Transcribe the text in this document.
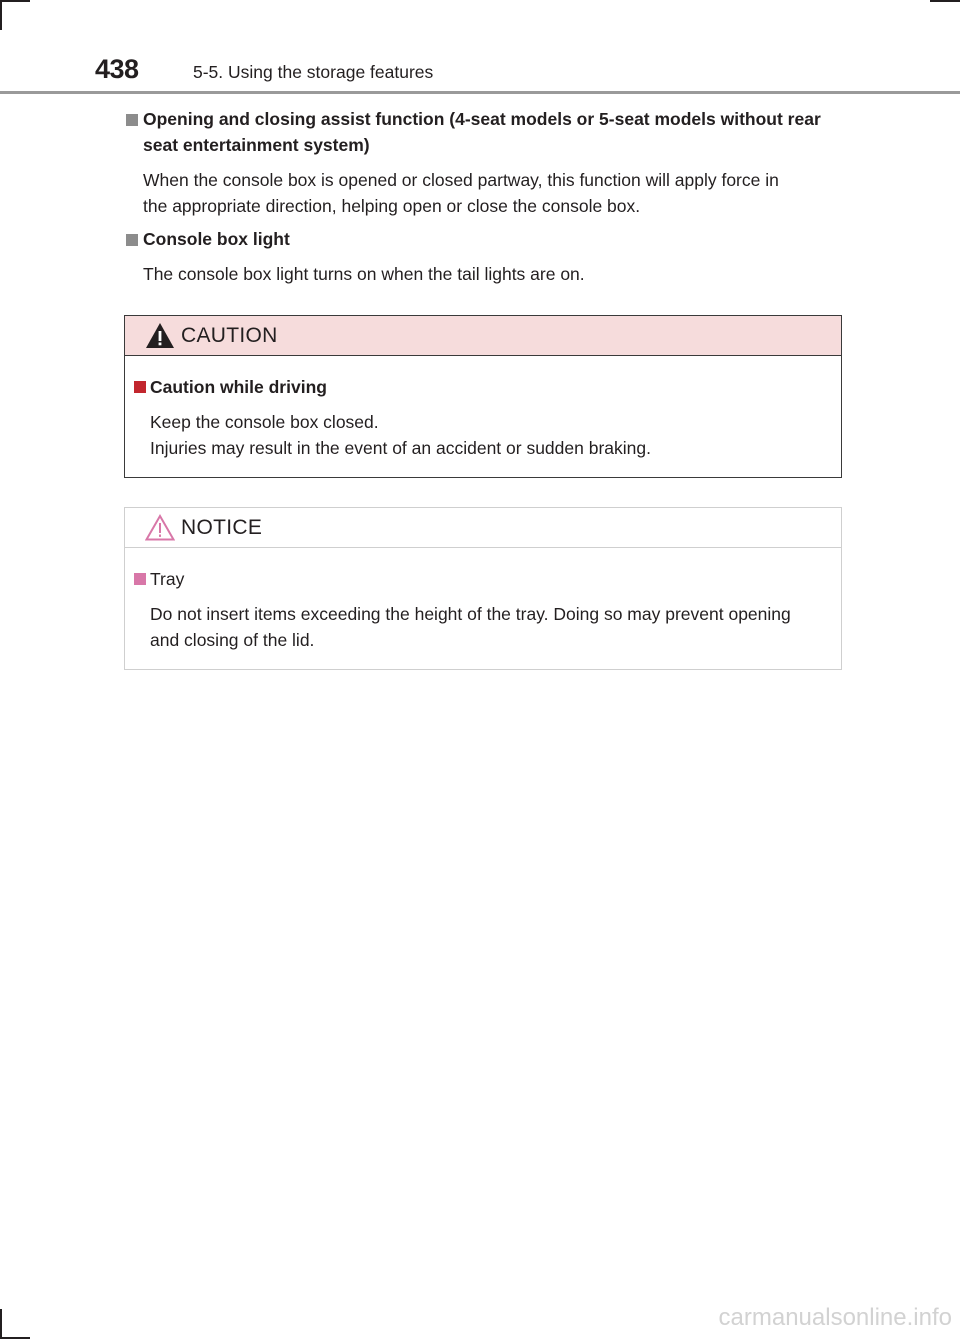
438	5-5. Using the storage features
Opening and closing assist function (4-seat models or 5-seat models without rear
seat entertainment system)
When the console box is opened or closed partway, this function will apply force in
the appropriate direction, helping open or close the console box.
Console box light
The console box light turns on when the tail lights are on.
CAUTION
Caution while driving
Keep the console box closed.
Injuries may result in the event of an accident or sudden braking.
NOTICE
Tray
Do not insert items exceeding the height of the tray. Doing so may prevent opening
and closing of the lid.
carmanualsonline.info
